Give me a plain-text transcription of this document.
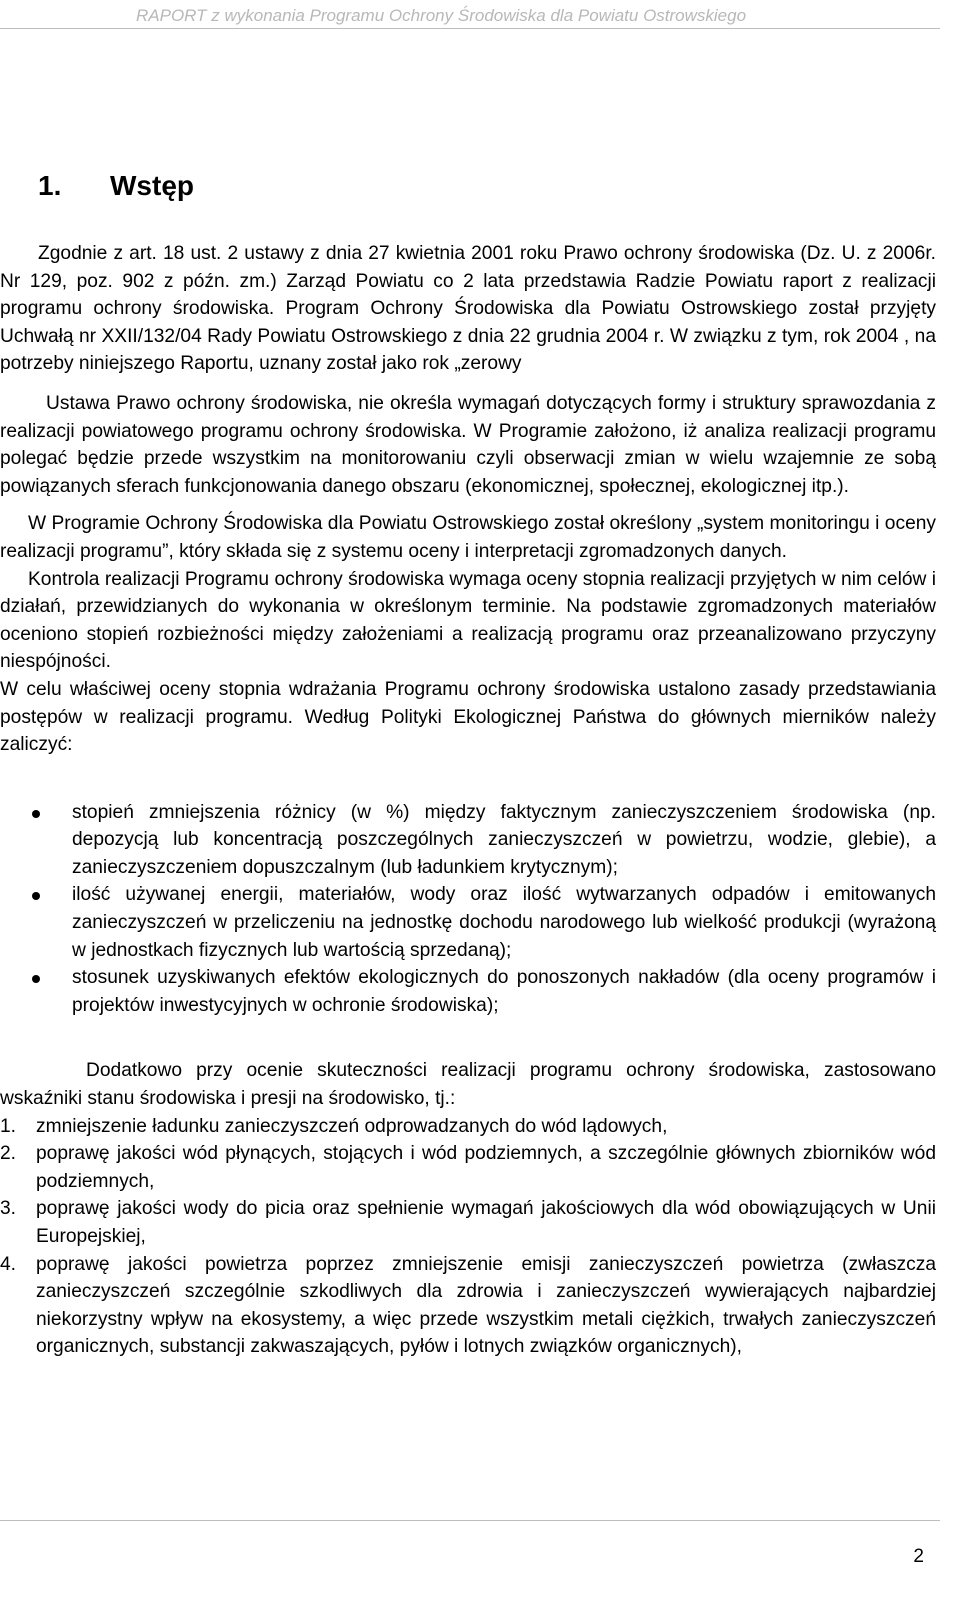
RAPORT z wykonania Programu Ochrony Środowiska dla Powiatu Ostrowskiego
1. Wstęp

Zgodnie z art. 18 ust. 2 ustawy z dnia 27 kwietnia 2001 roku Prawo ochrony środowiska (Dz. U. z 2006r. Nr 129, poz. 902 z późn. zm.) Zarząd Powiatu co 2 lata przedstawia Radzie Powiatu raport z realizacji programu ochrony środowiska. Program Ochrony Środowiska dla Powiatu Ostrowskiego został przyjęty Uchwałą nr XXII/132/04 Rady Powiatu Ostrowskiego z dnia 22 grudnia 2004 r. W związku z tym, rok 2004 , na potrzeby niniejszego Raportu, uznany został jako rok „zerowy

Ustawa Prawo ochrony środowiska, nie określa wymagań dotyczących formy i struktury sprawozdania z realizacji powiatowego programu ochrony środowiska. W Programie założono, iż analiza realizacji programu polegać będzie przede wszystkim na monitorowaniu czyli obserwacji zmian w wielu wzajemnie ze sobą powiązanych sferach funkcjonowania danego obszaru (ekonomicznej, społecznej, ekologicznej itp.).

W Programie Ochrony Środowiska dla Powiatu Ostrowskiego został określony „system monitoringu i oceny realizacji programu”, który składa się z systemu oceny i interpretacji zgromadzonych danych.

Kontrola realizacji Programu ochrony środowiska wymaga oceny stopnia realizacji przyjętych w nim celów i działań, przewidzianych do wykonania w określonym terminie. Na podstawie zgromadzonych materiałów oceniono stopień rozbieżności między założeniami a realizacją programu oraz przeanalizowano przyczyny niespójności.

W celu właściwej oceny stopnia wdrażania Programu ochrony środowiska ustalono zasady przedstawiania postępów w realizacji programu. Według Polityki Ekologicznej Państwa do głównych mierników należy zaliczyć:

stopień zmniejszenia różnicy (w %) między faktycznym zanieczyszczeniem środowiska (np. depozycją lub koncentracją poszczególnych zanieczyszczeń w powietrzu, wodzie, glebie), a zanieczyszczeniem dopuszczalnym (lub ładunkiem krytycznym);
ilość używanej energii, materiałów, wody oraz ilość wytwarzanych odpadów i emitowanych zanieczyszczeń w przeliczeniu na jednostkę dochodu narodowego lub wielkość produkcji (wyrażoną w jednostkach fizycznych lub wartością sprzedaną);
stosunek uzyskiwanych efektów ekologicznych do ponoszonych nakładów (dla oceny programów i projektów inwestycyjnych w ochronie środowiska);

Dodatkowo przy ocenie skuteczności realizacji programu ochrony środowiska, zastosowano wskaźniki stanu środowiska i presji na środowisko, tj.:

1. zmniejszenie ładunku zanieczyszczeń odprowadzanych do wód lądowych,
2. poprawę jakości wód płynących, stojących i wód podziemnych, a szczególnie głównych zbiorników wód podziemnych,
3. poprawę jakości wody do picia oraz spełnienie wymagań jakościowych dla wód obowiązujących w Unii Europejskiej,
4. poprawę jakości powietrza poprzez zmniejszenie emisji zanieczyszczeń powietrza (zwłaszcza zanieczyszczeń szczególnie szkodliwych dla zdrowia i zanieczyszczeń wywierających najbardziej niekorzystny wpływ na ekosystemy, a więc przede wszystkim metali ciężkich, trwałych zanieczyszczeń organicznych, substancji zakwaszających, pyłów i lotnych związków organicznych),
2
